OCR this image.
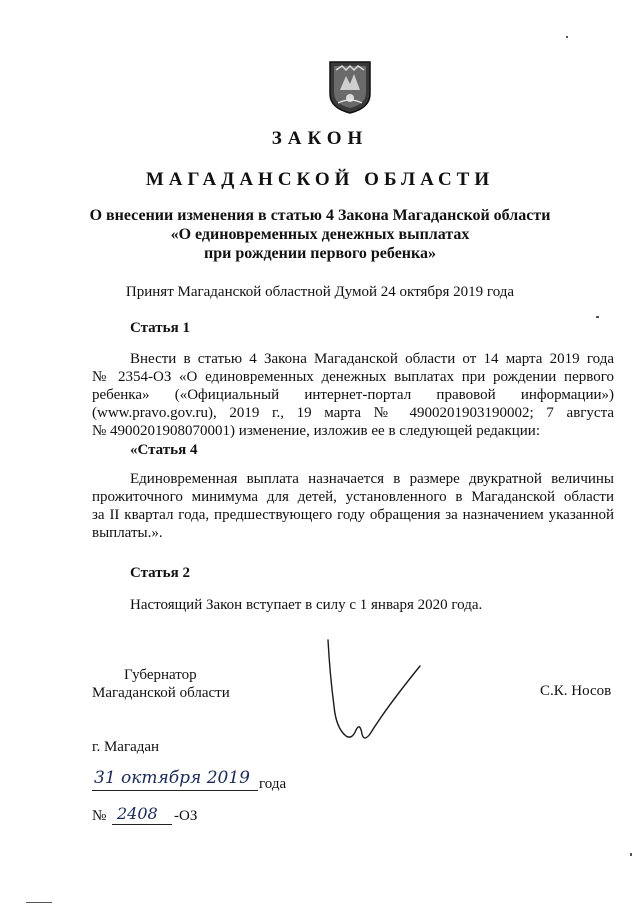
ЗАКОН
МАГАДАНСКОЙ ОБЛАСТИ
О внесении изменения в статью 4 Закона Магаданской области
«О единовременных денежных выплатах
при рождении первого ребенка»
Принят Магаданской областной Думой 24 октября 2019 года
Статья 1
Внести в статью 4 Закона Магаданской области от 14 марта 2019 года
№ 2354-ОЗ «О единовременных денежных выплатах при рождении первого
ребенка» («Официальный интернет-портал правовой информации»)
(www.pravo.gov.ru), 2019 г., 19 марта № 4900201903190002; 7 августа
№ 4900201908070001) изменение, изложив ее в следующей редакции:
«Статья 4
Единовременная выплата назначается в размере двукратной величины
прожиточного минимума для детей, установленного в Магаданской области
за II квартал года, предшествующего году обращения за назначением указанной
выплаты.».
Статья 2
Настоящий Закон вступает в силу с 1 января 2020 года.
Губернатор
Магаданской области	С.К. Носов
г. Магадан
31 октября 2019 года
№ 2408 -ОЗ
